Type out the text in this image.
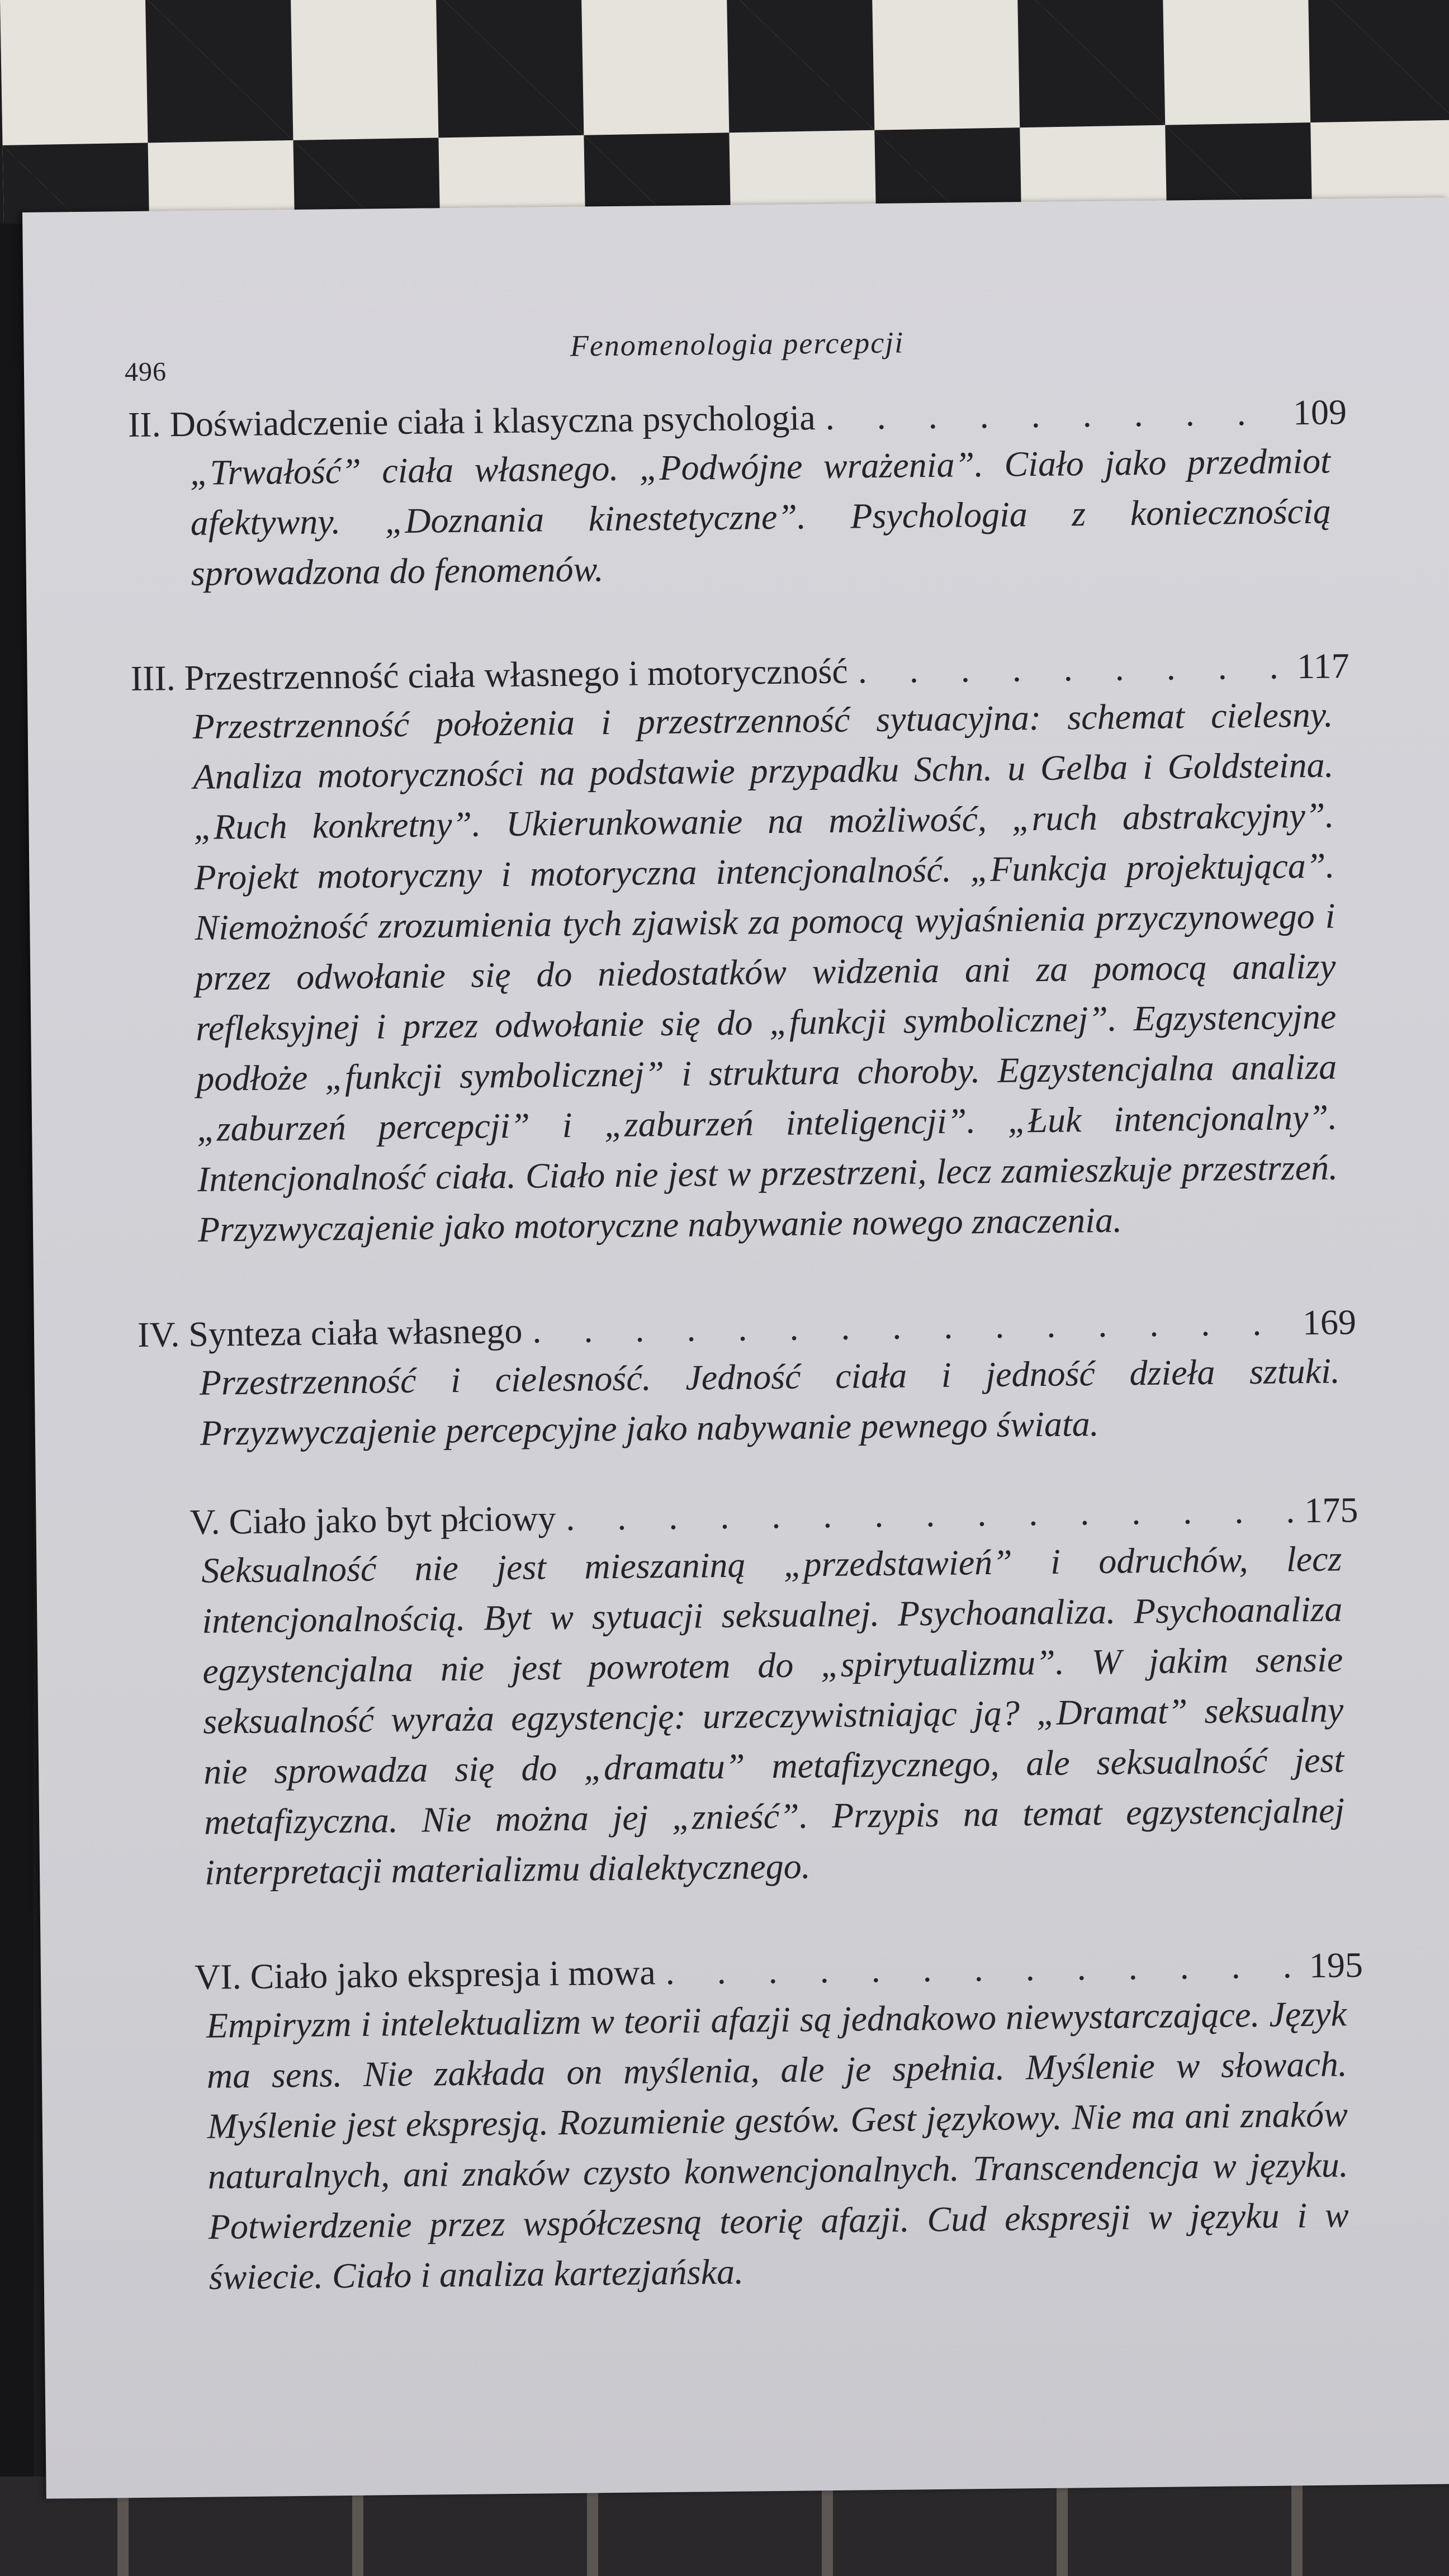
496
Fenomenologia percepcji
II. Doświadczenie ciała i klasyczna psychologia . . .	109
„Trwałość” ciała własnego. „Podwójne wrażenia”. Ciało jako przedmiot afektywny. „Doznania kinestetyczne”. Psychologia z koniecznością sprowadzona do fenomenów.
III. Przestrzenność ciała własnego i motoryczność . . .	117
Przestrzenność położenia i przestrzenność sytuacyjna: schemat cielesny. Analiza motoryczności na podstawie przypadku Schn. u Gelba i Goldsteina. „Ruch konkretny”. Ukierunkowanie na możliwość, „ruch abstrakcyjny”. Projekt motoryczny i motoryczna intencjonalność. „Funkcja projektująca”. Niemożność zrozumienia tych zjawisk za pomocą wyjaśnienia przyczynowego i przez odwołanie się do niedostatków widzenia ani za pomocą analizy refleksyjnej i przez odwołanie się do „funkcji symbolicznej”. Egzystencyjne podłoże „funkcji symbolicznej” i struktura choroby. Egzystencjalna analiza „zaburzeń percepcji” i „zaburzeń inteligencji”. „Łuk intencjonalny”. Intencjonalność ciała. Ciało nie jest w przestrzeni, lecz zamieszkuje przestrzeń. Przyzwyczajenie jako motoryczne nabywanie nowego znaczenia.
IV. Synteza ciała własnego . . .	169
Przestrzenność i cielesność. Jedność ciała i jedność dzieła sztuki. Przyzwyczajenie percepcyjne jako nabywanie pewnego świata.
V. Ciało jako byt płciowy . . .	175
Seksualność nie jest mieszaniną „przedstawień” i odruchów, lecz intencjonalnością. Byt w sytuacji seksualnej. Psychoanaliza. Psychoanaliza egzystencjalna nie jest powrotem do „spirytualizmu”. W jakim sensie seksualność wyraża egzystencję: urzeczywistniając ją? „Dramat” seksualny nie sprowadza się do „dramatu” metafizycznego, ale seksualność jest metafizyczna. Nie można jej „znieść”. Przypis na temat egzystencjalnej interpretacji materializmu dialektycznego.
VI. Ciało jako ekspresja i mowa . . .	195
Empiryzm i intelektualizm w teorii afazji są jednakowo niewystarczające. Język ma sens. Nie zakłada on myślenia, ale je spełnia. Myślenie w słowach. Myślenie jest ekspresją. Rozumienie gestów. Gest językowy. Nie ma ani znaków naturalnych, ani znaków czysto konwencjonalnych. Transcendencja w języku. Potwierdzenie przez współczesną teorię afazji. Cud ekspresji w języku i w świecie. Ciało i analiza kartezjańska.
